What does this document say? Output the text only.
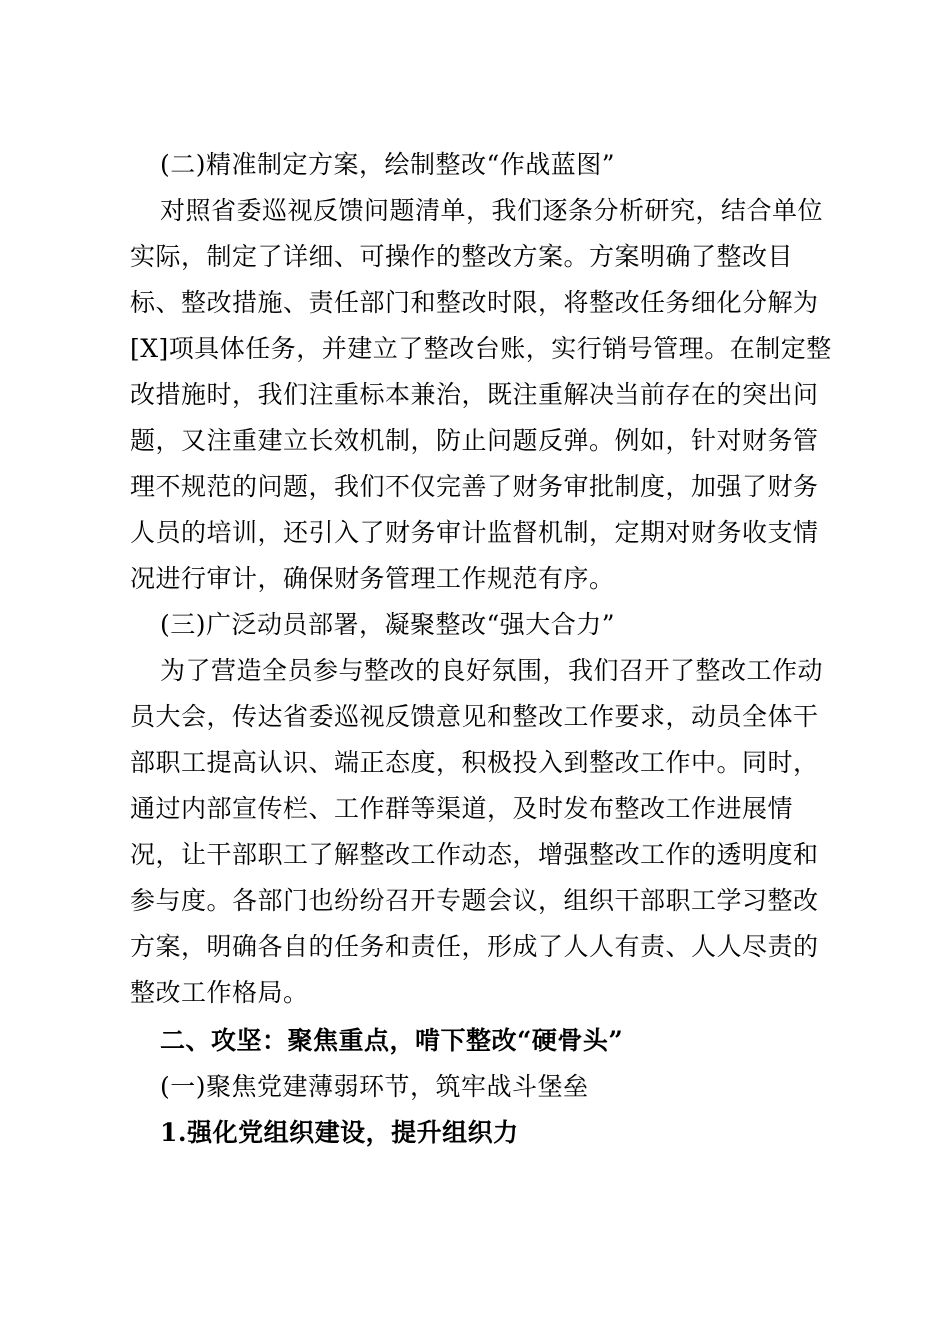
(二)精准制定方案，绘制整改“作战蓝图”
对照省委巡视反馈问题清单，我们逐条分析研究，结合单位
实际，制定了详细、可操作的整改方案。方案明确了整改目
标、整改措施、责任部门和整改时限，将整改任务细化分解为
[X]项具体任务，并建立了整改台账，实行销号管理。在制定整
改措施时，我们注重标本兼治，既注重解决当前存在的突出问
题，又注重建立长效机制，防止问题反弹。例如，针对财务管
理不规范的问题，我们不仅完善了财务审批制度，加强了财务
人员的培训，还引入了财务审计监督机制，定期对财务收支情
况进行审计，确保财务管理工作规范有序。
(三)广泛动员部署，凝聚整改“强大合力”
为了营造全员参与整改的良好氛围，我们召开了整改工作动
员大会，传达省委巡视反馈意见和整改工作要求，动员全体干
部职工提高认识、端正态度，积极投入到整改工作中。同时，
通过内部宣传栏、工作群等渠道，及时发布整改工作进展情
况，让干部职工了解整改工作动态，增强整改工作的透明度和
参与度。各部门也纷纷召开专题会议，组织干部职工学习整改
方案，明确各自的任务和责任，形成了人人有责、人人尽责的
整改工作格局。
二、攻坚：聚焦重点，啃下整改“硬骨头”
(一)聚焦党建薄弱环节，筑牢战斗堡垒
1.强化党组织建设，提升组织力
